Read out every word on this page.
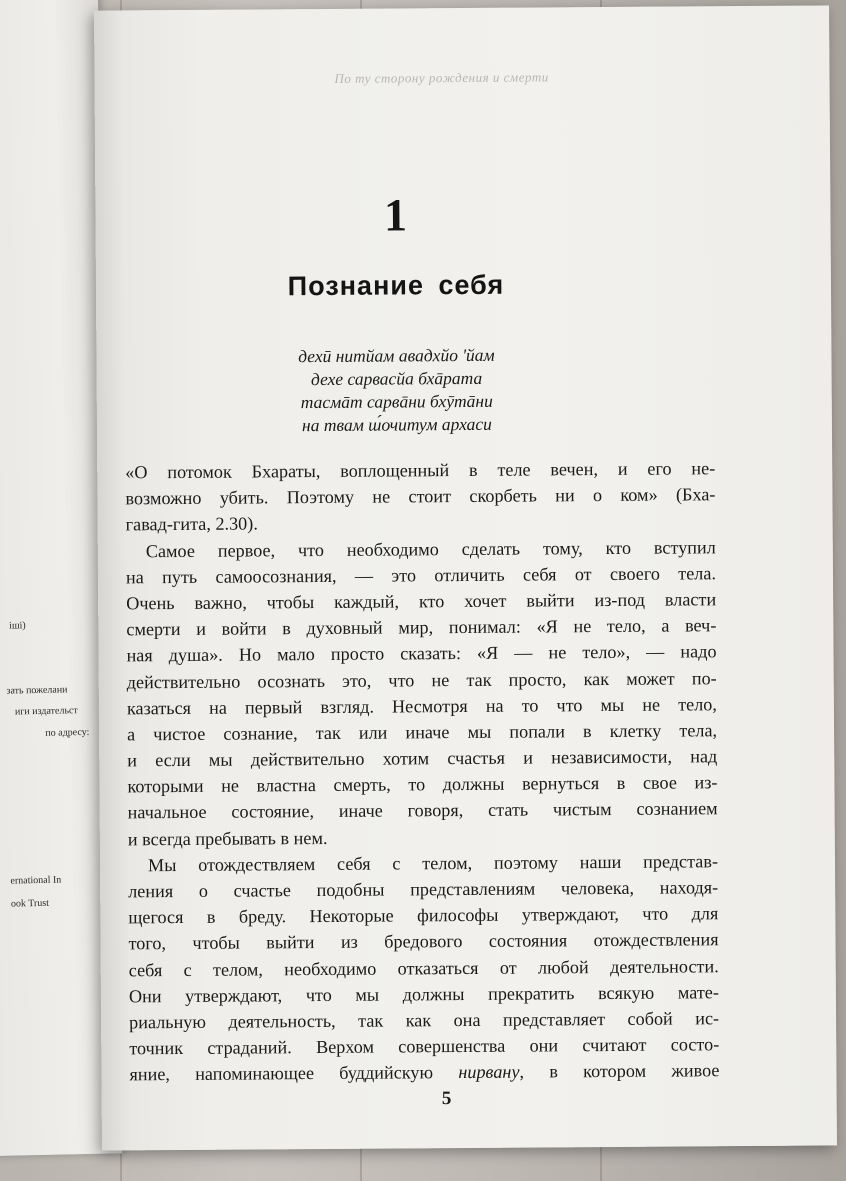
іші)
зать пожелани
иги издательст
по адресу:
ernational In
ook Trust
По ту сторону рождения и смерти
1
Познание себя
дехӣ нитйам авадхйо 'йам
дехе сарвасйа бхāрата
тасмāт сарвāни бхӯтāни
на твам ш́очитум архаси
«О потомок Бхараты, воплощенный в теле вечен, и его не-
возможно убить. Поэтому не стоит скорбеть ни о ком» (Бха-
гавад-гита, 2.30).
Самое первое, что необходимо сделать тому, кто вступил
на путь самоосознания, — это отличить себя от своего тела.
Очень важно, чтобы каждый, кто хочет выйти из-под власти
смерти и войти в духовный мир, понимал: «Я не тело, а веч-
ная душа». Но мало просто сказать: «Я — не тело», — надо
действительно осознать это, что не так просто, как может по-
казаться на первый взгляд. Несмотря на то что мы не тело,
а чистое сознание, так или иначе мы попали в клетку тела,
и если мы действительно хотим счастья и независимости, над
которыми не властна смерть, то должны вернуться в свое из-
начальное состояние, иначе говоря, стать чистым сознанием
и всегда пребывать в нем.
Мы отождествляем себя с телом, поэтому наши представ-
ления о счастье подобны представлениям человека, находя-
щегося в бреду. Некоторые философы утверждают, что для
того, чтобы выйти из бредового состояния отождествления
себя с телом, необходимо отказаться от любой деятельности.
Они утверждают, что мы должны прекратить всякую мате-
риальную деятельность, так как она представляет собой ис-
точник страданий. Верхом совершенства они считают состо-
яние, напоминающее буддийскую нирвану, в котором живое
5
